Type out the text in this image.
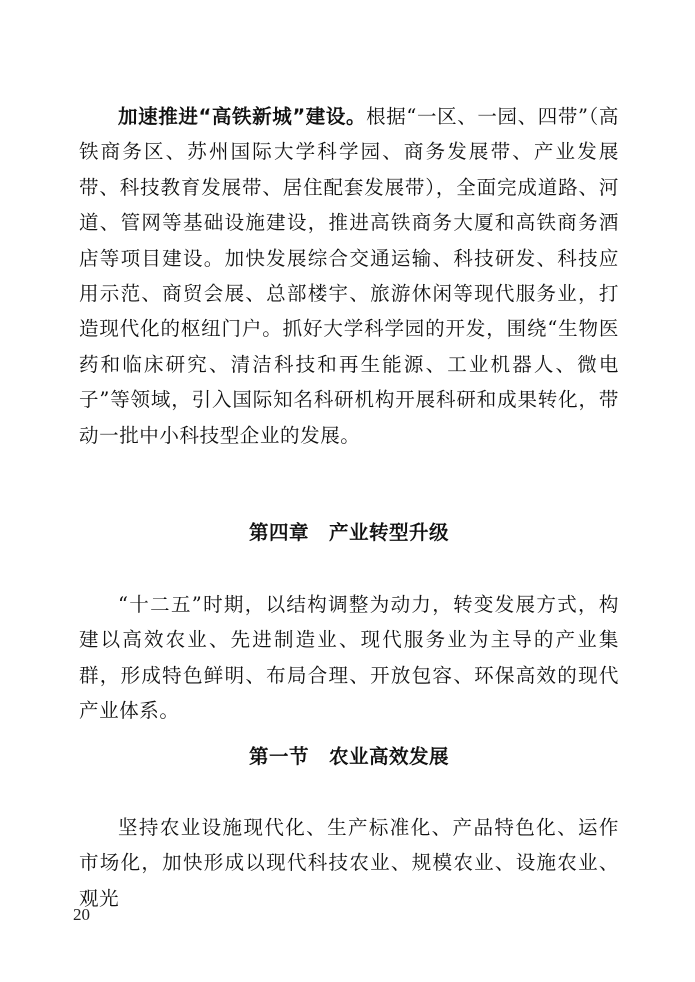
加速推进“高铁新城”建设。根据“一区、一园、四带”（高铁商务区、苏州国际大学科学园、商务发展带、产业发展带、科技教育发展带、居住配套发展带），全面完成道路、河道、管网等基础设施建设，推进高铁商务大厦和高铁商务酒店等项目建设。加快发展综合交通运输、科技研发、科技应用示范、商贸会展、总部楼宇、旅游休闲等现代服务业，打造现代化的枢纽门户。抓好大学科学园的开发，围绕“生物医药和临床研究、清洁科技和再生能源、工业机器人、微电子”等领域，引入国际知名科研机构开展科研和成果转化，带动一批中小科技型企业的发展。

第四章　产业转型升级

“十二五”时期，以结构调整为动力，转变发展方式，构建以高效农业、先进制造业、现代服务业为主导的产业集群，形成特色鲜明、布局合理、开放包容、环保高效的现代产业体系。

第一节　农业高效发展

坚持农业设施现代化、生产标准化、产品特色化、运作市场化，加快形成以现代科技农业、规模农业、设施农业、观光

20
